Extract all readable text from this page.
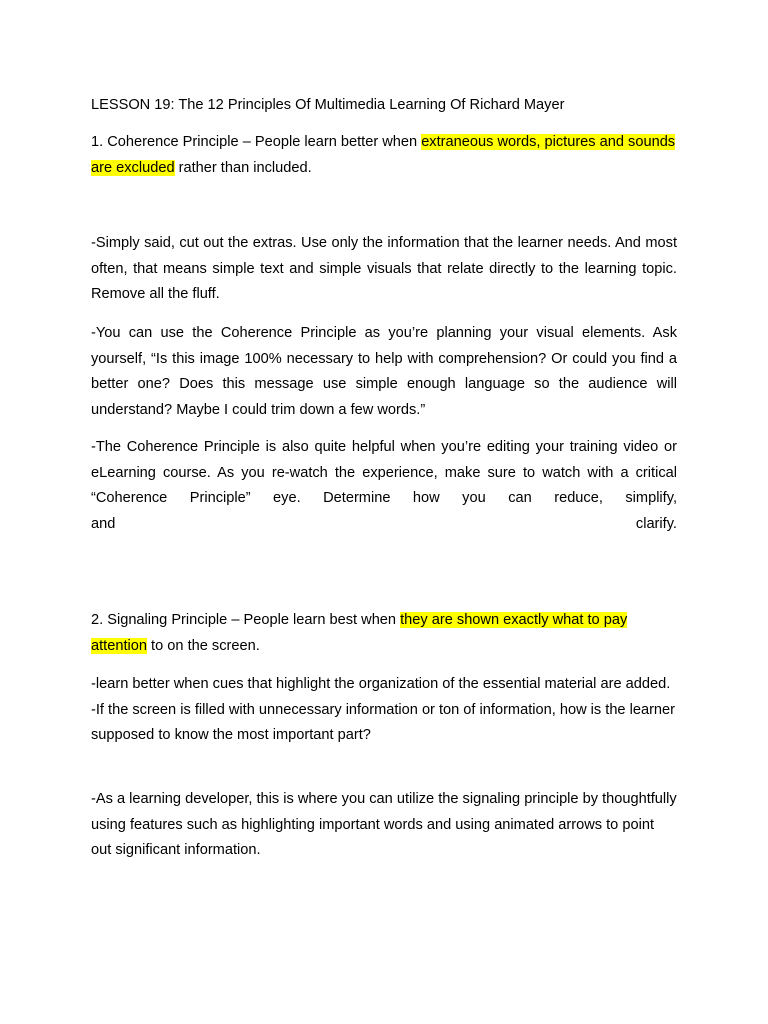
LESSON 19: The 12 Principles Of Multimedia Learning Of Richard Mayer

1. Coherence Principle – People learn better when extraneous words, pictures and sounds are excluded rather than included.

-Simply said, cut out the extras. Use only the information that the learner needs. And most often, that means simple text and simple visuals that relate directly to the learning topic. Remove all the fluff.

-You can use the Coherence Principle as you’re planning your visual elements. Ask yourself, “Is this image 100% necessary to help with comprehension? Or could you find a better one? Does this message use simple enough language so the audience will understand? Maybe I could trim down a few words.”

-The Coherence Principle is also quite helpful when you’re editing your training video or eLearning course. As you re-watch the experience, make sure to watch with a critical “Coherence Principle” eye. Determine how you can reduce, simplify,
and	clarify.

2. Signaling Principle – People learn best when they are shown exactly what to pay attention to on the screen.

-learn better when cues that highlight the organization of the essential material are added.
-If the screen is filled with unnecessary information or ton of information, how is the learner supposed to know the most important part?

-As a learning developer, this is where you can utilize the signaling principle by thoughtfully using features such as highlighting important words and using animated arrows to point out significant information.
